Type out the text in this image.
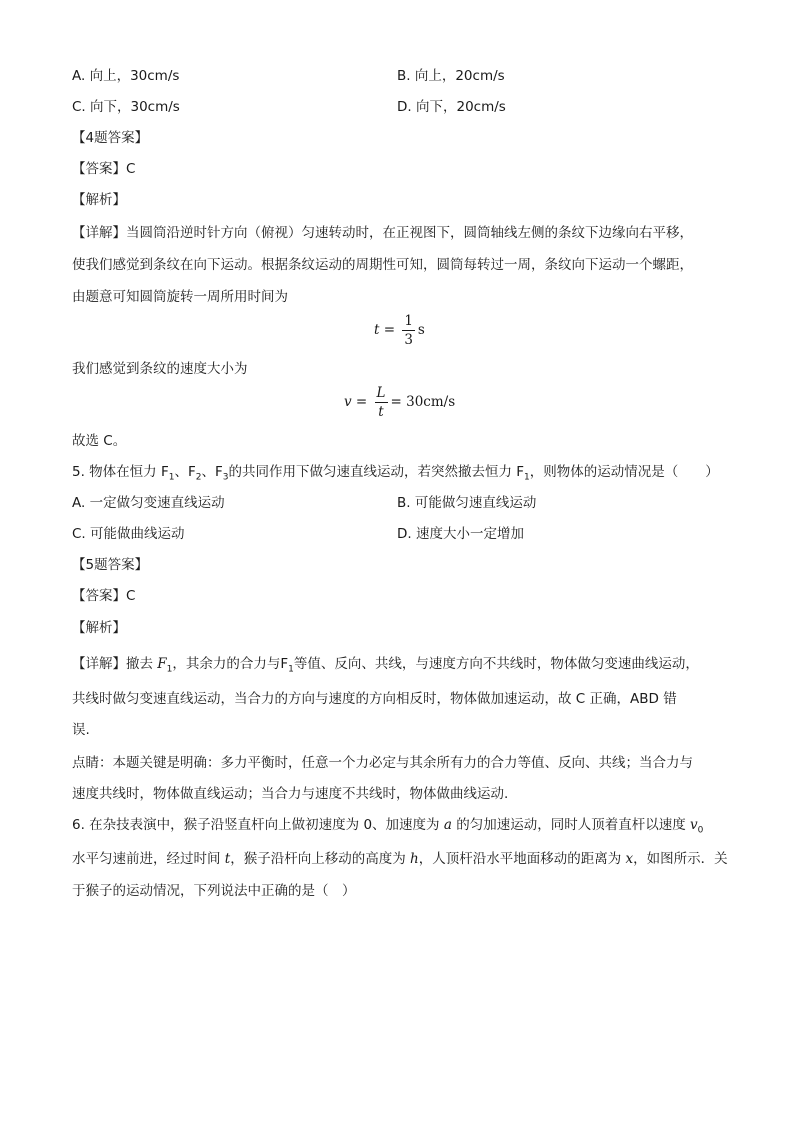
A. 向上，30cm/s	B. 向上，20cm/s
C. 向下，30cm/s	D. 向下，20cm/s
【4题答案】
【答案】C
【解析】
【详解】当圆筒沿逆时针方向（俯视）匀速转动时，在正视图下，圆筒轴线左侧的条纹下边缘向右平移，
使我们感觉到条纹在向下运动。根据条纹运动的周期性可知，圆筒每转过一周，条纹向下运动一个螺距，
由题意可知圆筒旋转一周所用时间为
$t = \frac{1}{3}$ s
我们感觉到条纹的速度大小为
$v = \frac{L}{t} = 30cm/s$
故选 C。
5. 物体在恒力 $F_1$、$F_2$、$F_3$的共同作用下做匀速直线运动，若突然撤去恒力 $F_1$，则物体的运动情况是（　　）
A. 一定做匀变速直线运动	B. 可能做匀速直线运动
C. 可能做曲线运动	D. 速度大小一定增加
【5题答案】
【答案】C
【解析】
【详解】撤去 $F_1$，其余力的合力与$F_1$等值、反向、共线，与速度方向不共线时，物体做匀变速曲线运动，
共线时做匀变速直线运动，当合力的方向与速度的方向相反时，物体做加速运动，故 C 正确，ABD 错
误.
点睛：本题关键是明确：多力平衡时，任意一个力必定与其余所有力的合力等值、反向、共线；当合力与
速度共线时，物体做直线运动；当合力与速度不共线时，物体做曲线运动.
6. 在杂技表演中，猴子沿竖直杆向上做初速度为 0、加速度为 a 的匀加速运动，同时人顶着直杆以速度 $v_0$
水平匀速前进，经过时间 t，猴子沿杆向上移动的高度为 h，人顶杆沿水平地面移动的距离为 x，如图所示．关
于猴子的运动情况，下列说法中正确的是（　）
